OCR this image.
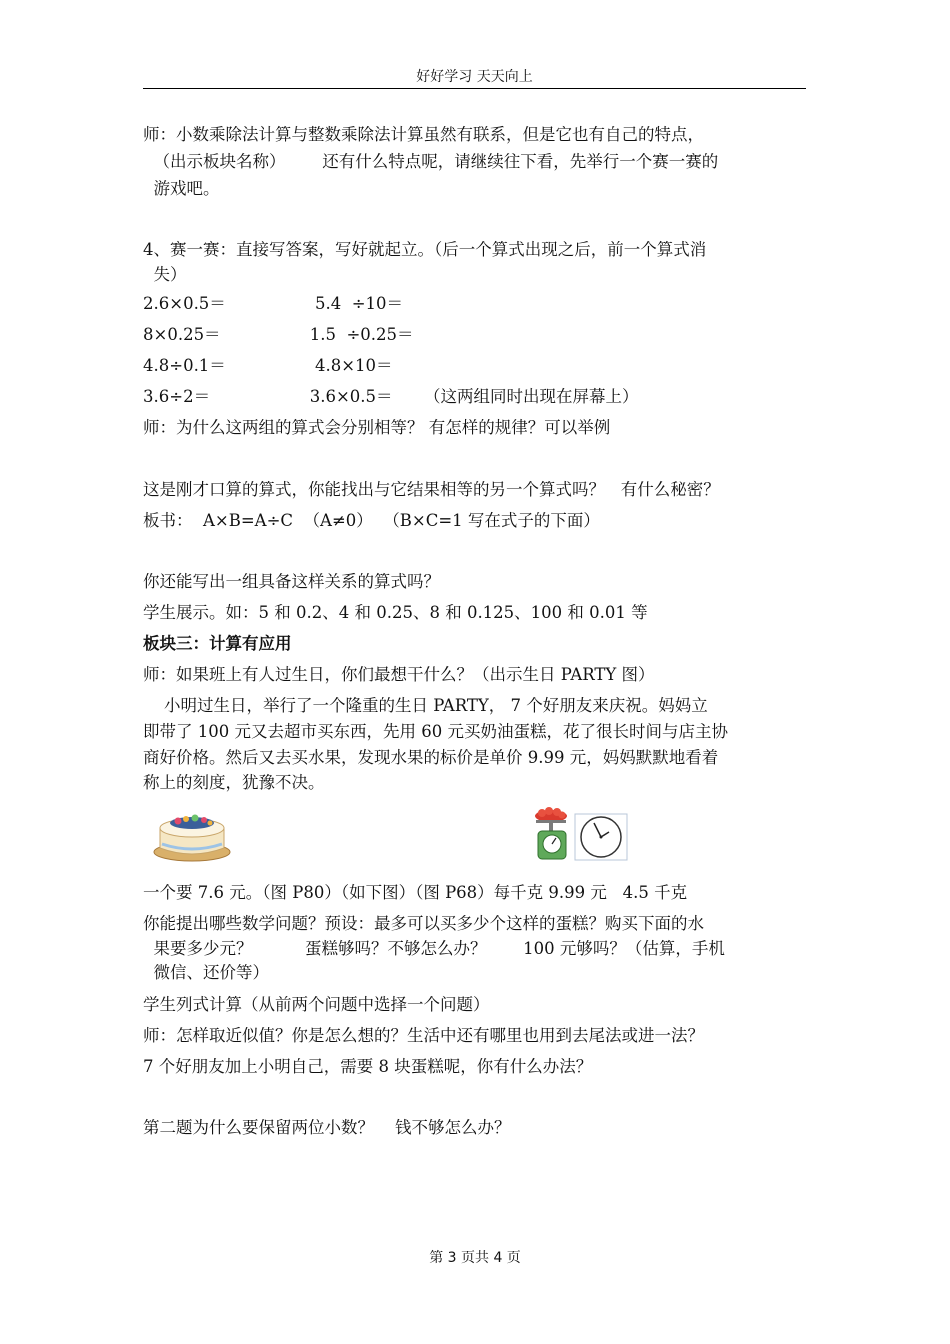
好好学习 天天向上
师：小数乘除法计算与整数乘除法计算虽然有联系，但是它也有自己的特点，
（出示板块名称）       还有什么特点呢，请继续往下看，先举行一个赛一赛的
游戏吧。
4、赛一赛：直接写答案，写好就起立。（后一个算式出现之后，前一个算式消
失）
2.6×0.5＝                 5.4  ÷10＝
8×0.25＝                 1.5  ÷0.25＝
4.8÷0.1＝                 4.8×10＝
3.6÷2＝                   3.6×0.5＝      （这两组同时出现在屏幕上）
师：为什么这两组的算式会分别相等？ 有怎样的规律？可以举例
这是刚才口算的算式，你能找出与它结果相等的另一个算式吗？   有什么秘密？
板书：  A×B=A÷C  （A≠0）  （B×C=1 写在式子的下面）
你还能写出一组具备这样关系的算式吗？
学生展示。如：5 和 0.2、4 和 0.25、8 和 0.125、100 和 0.01 等
板块三：计算有应用
师：如果班上有人过生日，你们最想干什么？（出示生日 PARTY 图）
小明过生日，举行了一个隆重的生日 PARTY， 7 个好朋友来庆祝。妈妈立
即带了 100 元又去超市买东西，先用 60 元买奶油蛋糕，花了很长时间与店主协
商好价格。然后又去买水果，发现水果的标价是单价 9.99 元，妈妈默默地看着
称上的刻度，犹豫不决。
一个要 7.6 元。（图 P80）（如下图）（图 P68）每千克 9.99 元   4.5 千克
你能提出哪些数学问题？预设：最多可以买多少个这样的蛋糕？购买下面的水
果要多少元？          蛋糕够吗？不够怎么办？       100 元够吗？（估算，手机
微信、还价等）
学生列式计算（从前两个问题中选择一个问题）
师：怎样取近似值？你是怎么想的？生活中还有哪里也用到去尾法或进一法？
7 个好朋友加上小明自己，需要 8 块蛋糕呢，你有什么办法？
第二题为什么要保留两位小数？    钱不够怎么办？
第 3 页共 4 页
